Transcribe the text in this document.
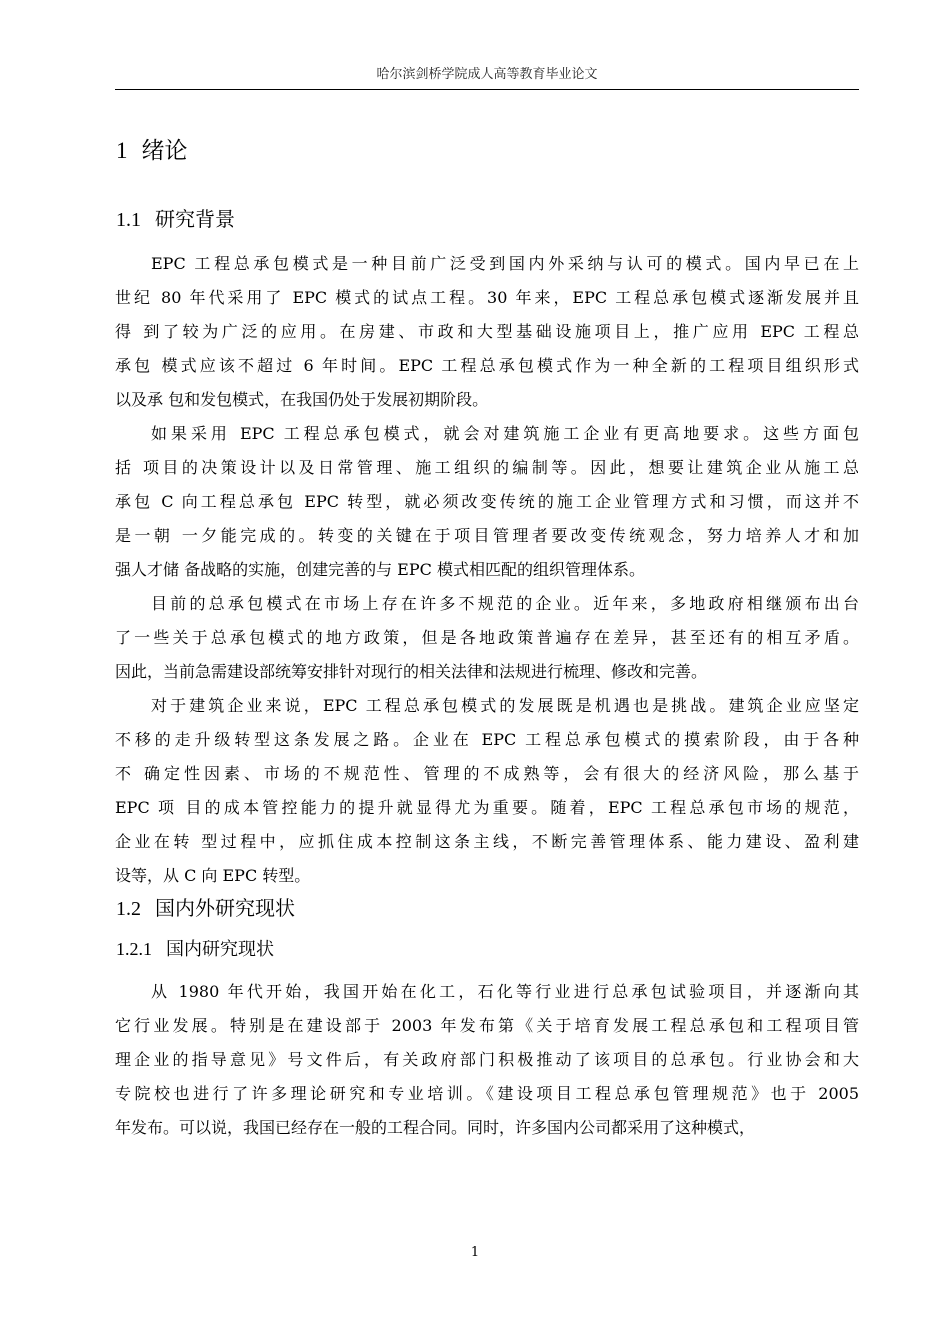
哈尔滨剑桥学院成人高等教育毕业论文
1 绪论
1.1 研究背景
EPC 工程总承包模式是一种目前广泛受到国内外采纳与认可的模式。国内早已在上
世纪 80 年代采用了 EPC 模式的试点工程。30 年来，EPC 工程总承包模式逐渐发展并且
得 到了较为广泛的应用。在房建、市政和大型基础设施项目上，推广应用 EPC 工程总
承包 模式应该不超过 6 年时间。EPC 工程总承包模式作为一种全新的工程项目组织形式
以及承 包和发包模式，在我国仍处于发展初期阶段。
如果采用 EPC 工程总承包模式，就会对建筑施工企业有更高地要求。这些方面包
括 项目的决策设计以及日常管理、施工组织的编制等。因此，想要让建筑企业从施工总
承包 C 向工程总承包 EPC 转型，就必须改变传统的施工企业管理方式和习惯，而这并不
是一朝 一夕能完成的。转变的关键在于项目管理者要改变传统观念，努力培养人才和加
强人才储 备战略的实施，创建完善的与 EPC 模式相匹配的组织管理体系。
目前的总承包模式在市场上存在许多不规范的企业。近年来，多地政府相继颁布出台
了一些关于总承包模式的地方政策，但是各地政策普遍存在差异，甚至还有的相互矛盾。
因此，当前急需建设部统筹安排针对现行的相关法律和法规进行梳理、修改和完善。
对于建筑企业来说，EPC 工程总承包模式的发展既是机遇也是挑战。建筑企业应坚定
不移的走升级转型这条发展之路。企业在 EPC 工程总承包模式的摸索阶段，由于各种
不 确定性因素、市场的不规范性、管理的不成熟等，会有很大的经济风险，那么基于
EPC 项 目的成本管控能力的提升就显得尤为重要。随着，EPC 工程总承包市场的规范，
企业在转 型过程中，应抓住成本控制这条主线，不断完善管理体系、能力建设、盈利建
设等，从 C 向 EPC 转型。
1.2 国内外研究现状
1.2.1 国内研究现状
从 1980 年代开始，我国开始在化工，石化等行业进行总承包试验项目，并逐渐向其
它行业发展。特别是在建设部于 2003 年发布第《关于培育发展工程总承包和工程项目管
理企业的指导意见》号文件后，有关政府部门积极推动了该项目的总承包。行业协会和大
专院校也进行了许多理论研究和专业培训。《建设项目工程总承包管理规范》也于 2005
年发布。可以说，我国已经存在一般的工程合同。同时，许多国内公司都采用了这种模式，
1
